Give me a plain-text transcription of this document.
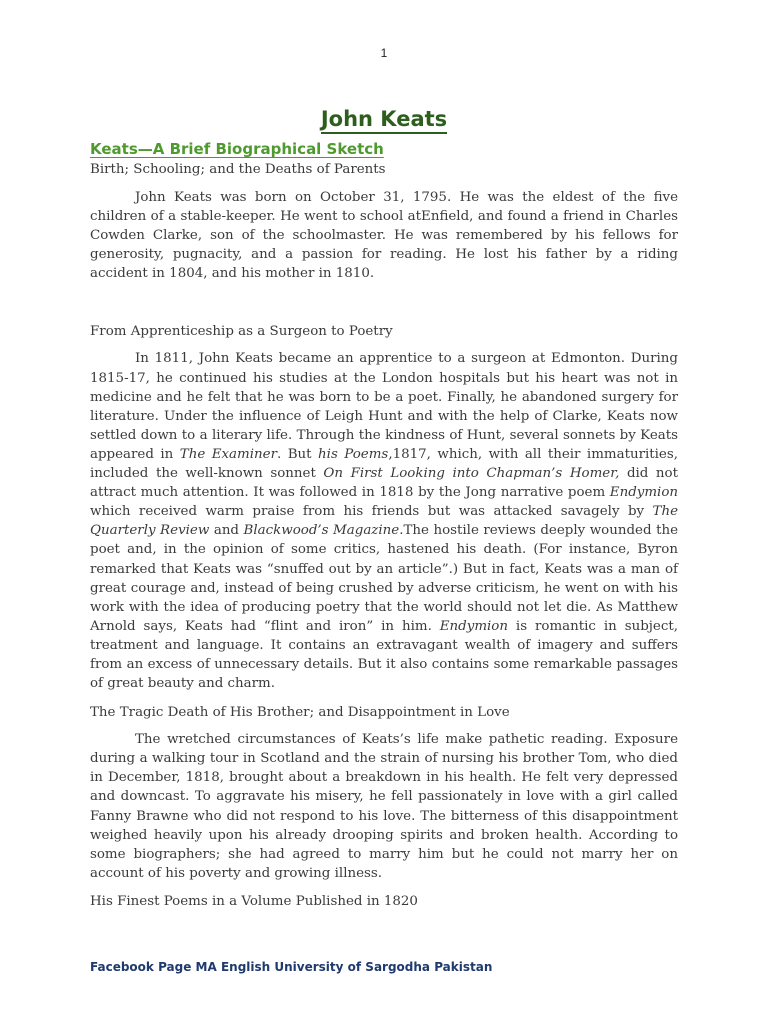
1
John Keats
Keats—A Brief Biographical Sketch

Birth; Schooling; and the Deaths of Parents

John Keats was born on October 31, 1795. He was the eldest of the five children of a stable-keeper. He went to school atEnfield, and found a friend in Charles Cowden Clarke, son of the schoolmaster. He was remembered by his fellows for generosity, pugnacity, and a passion for reading. He lost his father by a riding accident in 1804, and his mother in 1810.

From Apprenticeship as a Surgeon to Poetry

In 1811, John Keats became an apprentice to a surgeon at Edmonton. During 1815-17, he continued his studies at the London hospitals but his heart was not in medicine and he felt that he was born to be a poet. Finally, he abandoned surgery for literature. Under the influence of Leigh Hunt and with the help of Clarke, Keats now settled down to a literary life. Through the kindness of Hunt, several sonnets by Keats appeared in The Examiner. But his Poems,1817, which, with all their immaturities, included the well-known sonnet On First Looking into Chapman’s Homer, did not attract much attention. It was followed in 1818 by the Jong narrative poem Endymion which received warm praise from his friends but was attacked savagely by The Quarterly Review and Blackwood’s Magazine.The hostile reviews deeply wounded the poet and, in the opinion of some critics, hastened his death. (For instance, Byron remarked that Keats was “snuffed out by an article”.) But in fact, Keats was a man of great courage and, instead of being crushed by adverse criticism, he went on with his work with the idea of producing poetry that the world should not let die. As Matthew Arnold says, Keats had “flint and iron” in him. Endymion is romantic in subject, treatment and language. It contains an extravagant wealth of imagery and suffers from an excess of unnecessary details. But it also contains some remarkable passages of great beauty and charm.

The Tragic Death of His Brother; and Disappointment in Love

The wretched circumstances of Keats’s life make pathetic reading. Exposure during a walking tour in Scotland and the strain of nursing his brother Tom, who died in December, 1818, brought about a breakdown in his health. He felt very depressed and downcast. To aggravate his misery, he fell passionately in love with a girl called Fanny Brawne who did not respond to his love. The bitterness of this disappointment weighed heavily upon his already drooping spirits and broken health. According to some biographers; she had agreed to marry him but he could not marry her on account of his poverty and growing illness.

His Finest Poems in a Volume Published in 1820

Facebook Page MA English University of Sargodha Pakistan
